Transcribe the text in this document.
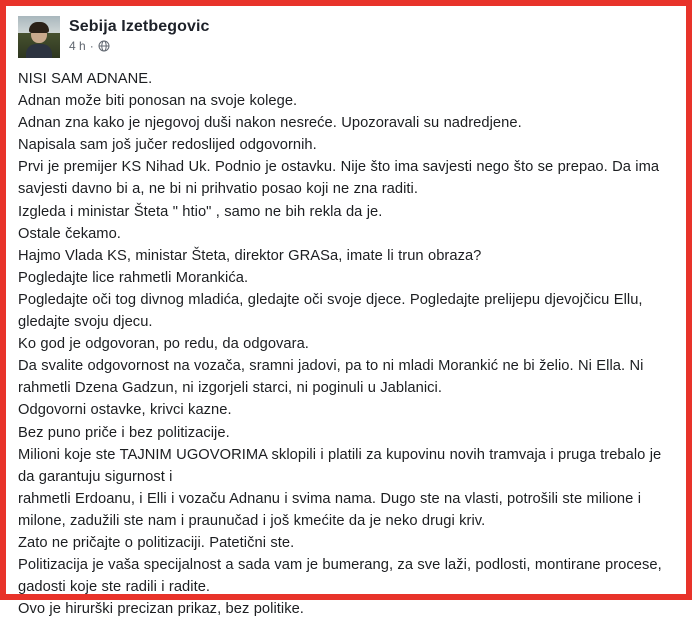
Sebija Izetbegovic
4 h ·

NISI SAM ADNANE.

Adnan može biti ponosan na svoje kolege.

Adnan zna kako je njegovoj duši nakon nesreće. Upozoravali su nadredjene.

Napisala sam još jučer redoslijed odgovornih.

Prvi je premijer KS Nihad Uk. Podnio je ostavku. Nije što ima savjesti nego što se prepao. Da ima savjesti davno bi a, ne bi ni prihvatio posao koji ne zna raditi.

Izgleda i ministar Šteta " htio" , samo ne bih rekla da je.

Ostale čekamo.

Hajmo Vlada KS, ministar Šteta, direktor GRASa, imate li trun obraza?

Pogledajte lice rahmetli Morankića.

Pogledajte oči tog divnog mladića, gledajte oči svoje djece. Pogledajte prelijepu djevojčicu Ellu, gledajte svoju djecu.

Ko god je odgovoran, po redu, da odgovara.

Da svalite odgovornost na vozača, sramni jadovi, pa to ni mladi Morankić ne bi želio. Ni Ella. Ni rahmetli Dzena Gadzun, ni izgorjeli starci, ni poginuli u Jablanici.

Odgovorni ostavke, krivci kazne.

Bez puno priče i bez politizacije.

Milioni koje ste TAJNIM UGOVORIMA sklopili i platili za kupovinu novih tramvaja i pruga trebalo je da garantuju sigurnost i

rahmetli Erdoanu, i Elli i vozaču Adnanu i svima nama. Dugo ste na vlasti, potrošili ste milione i milone, zadužili ste nam i praunučad i još kmećite da je neko drugi kriv.

Zato ne pričajte o politizaciji. Patetični ste.

Politizacija je vaša specijalnost a sada vam je bumerang, za sve laži, podlosti, montirane procese, gadosti koje ste radili i radite.

Ovo je hirurški precizan prikaz, bez politike.
